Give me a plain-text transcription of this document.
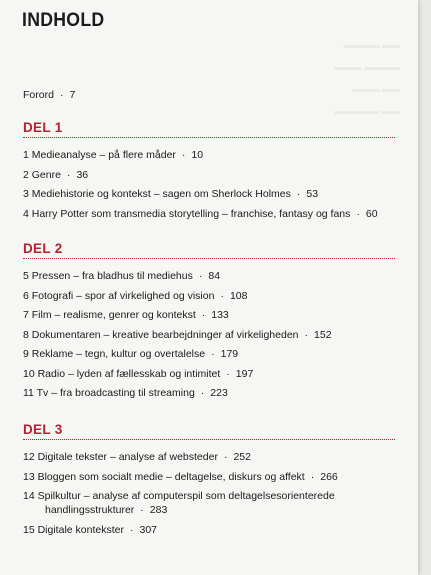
▬▬▬▬ ▬▬
▬▬▬ ▬▬▬▬
▬▬▬ ▬▬
▬▬▬▬▬ ▬▬
INDHOLD
Forord · 7
DEL 1
1 Medieanalyse – på flere måder · 10
2 Genre · 36
3 Mediehistorie og kontekst – sagen om Sherlock Holmes · 53
4 Harry Potter som transmedia storytelling – franchise, fantasy og fans · 60
DEL 2
5 Pressen – fra bladhus til mediehus · 84
6 Fotografi – spor af virkelighed og vision · 108
7 Film – realisme, genrer og kontekst · 133
8 Dokumentaren – kreative bearbejdninger af virkeligheden · 152
9 Reklame – tegn, kultur og overtalelse · 179
10 Radio – lyden af fællesskab og intimitet · 197
11 Tv – fra broadcasting til streaming · 223
DEL 3
12 Digitale tekster – analyse af websteder · 252
13 Bloggen som socialt medie – deltagelse, diskurs og affekt · 266
14 Spilkultur – analyse af computerspil som deltagelsesorienterede handlingsstrukturer · 283
15 Digitale kontekster · 307
